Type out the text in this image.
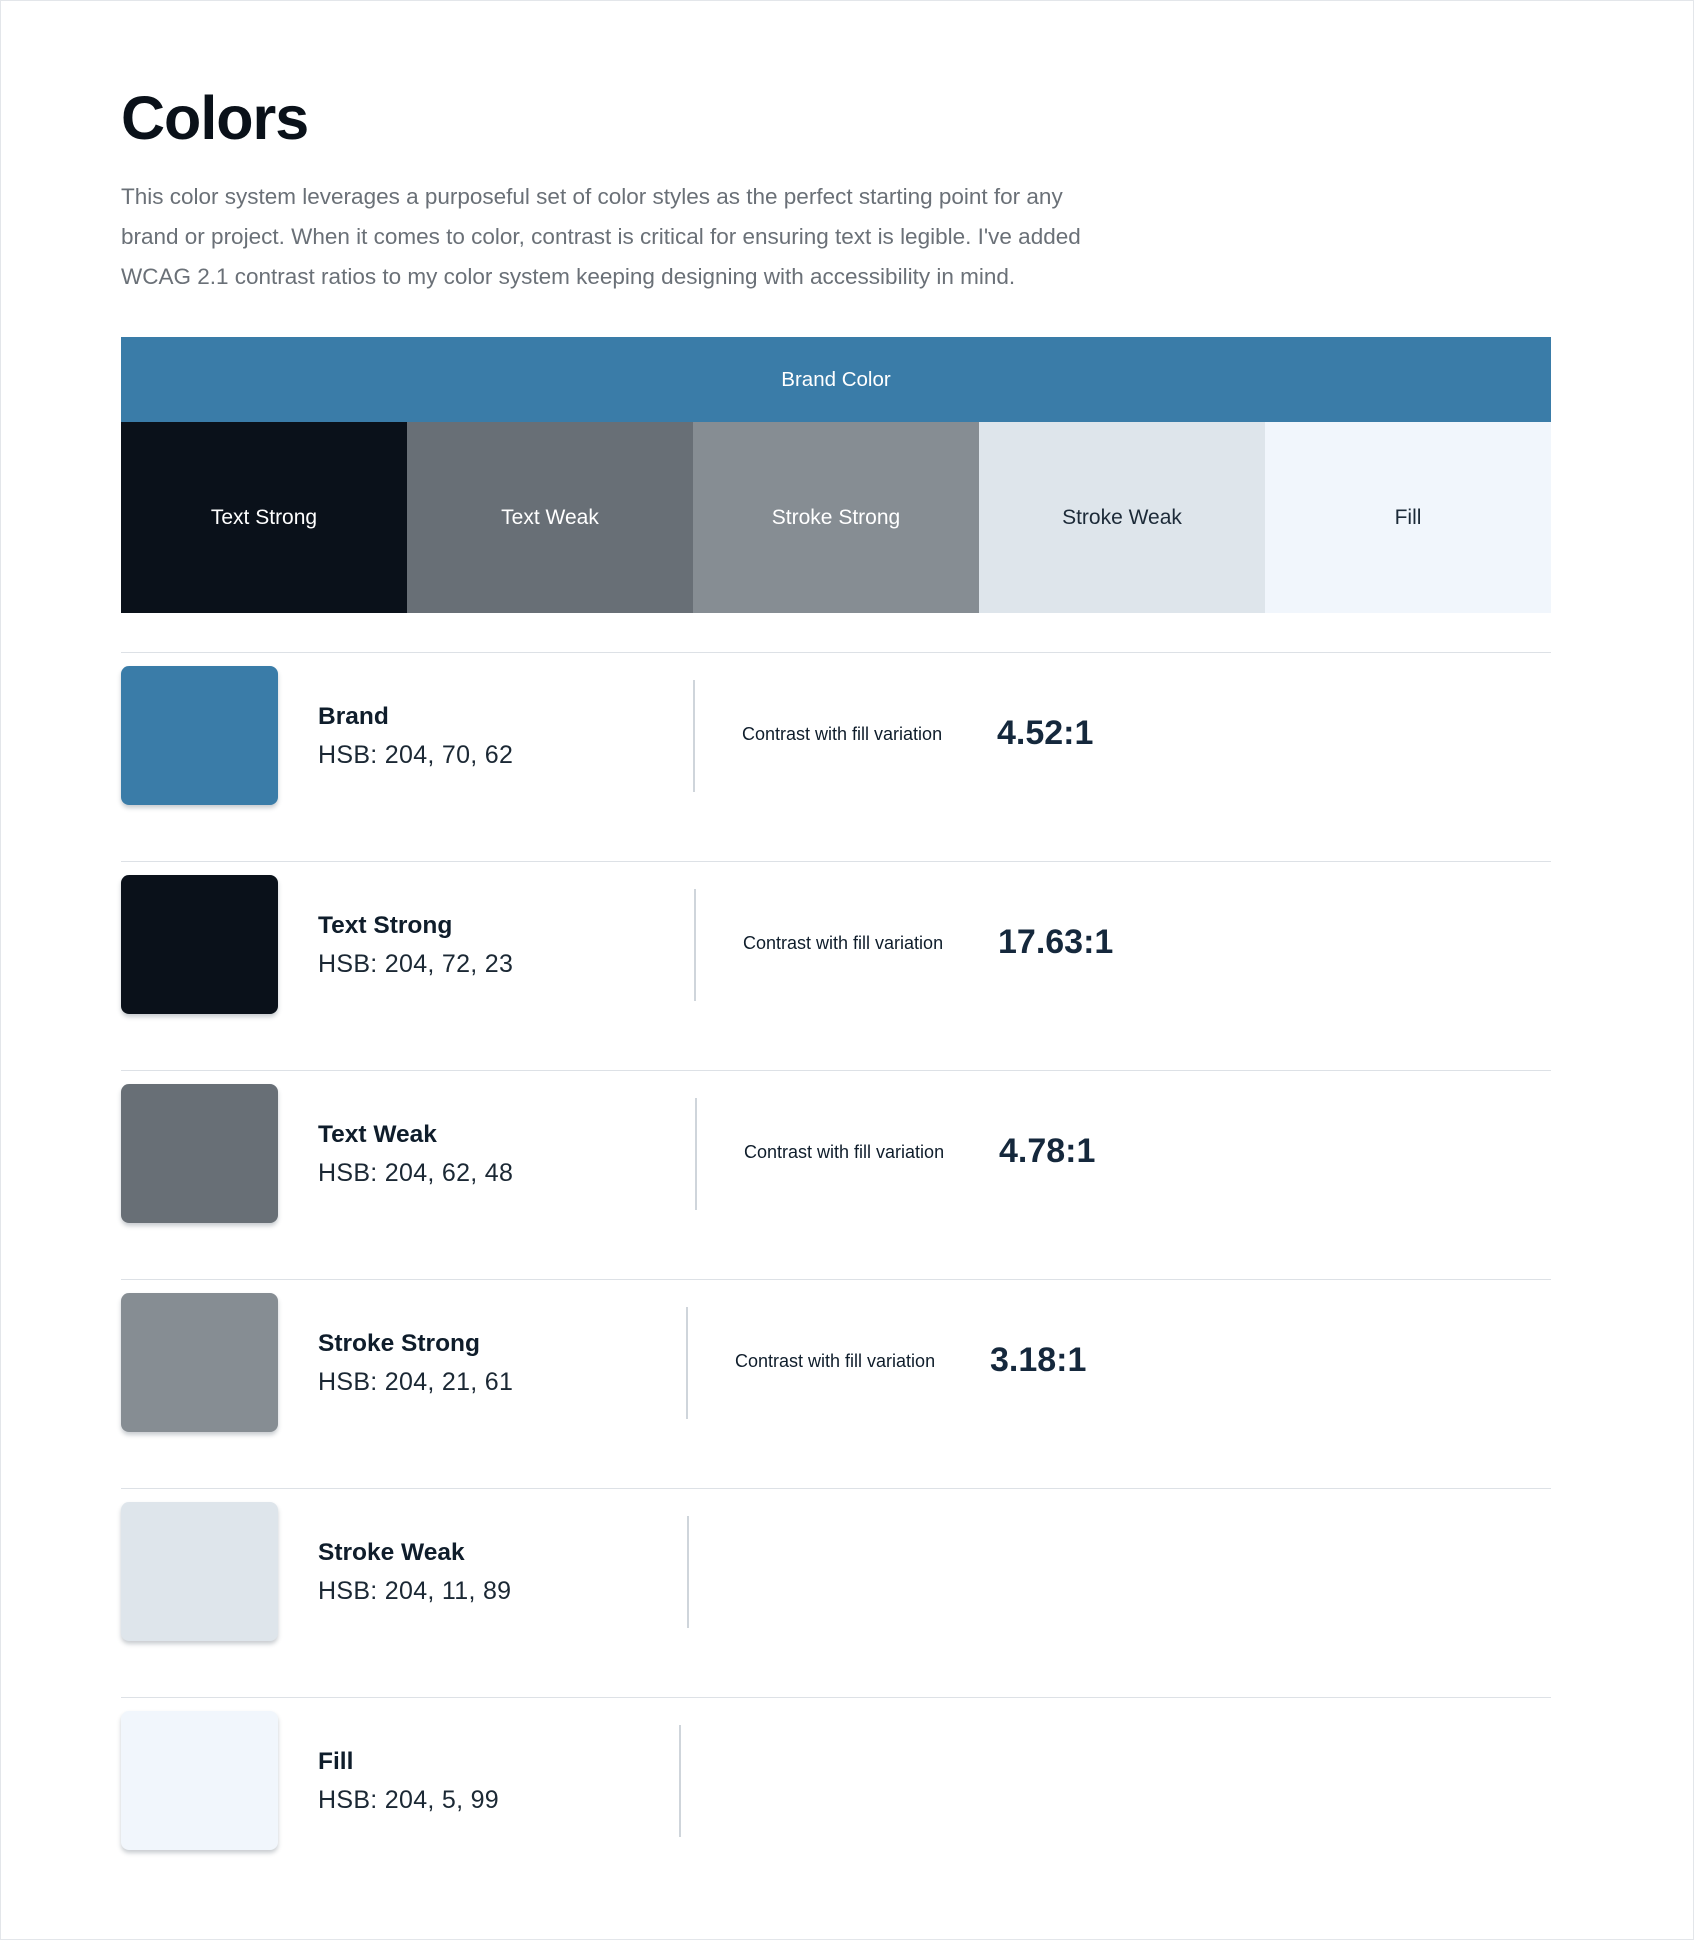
Colors

This color system leverages a purposeful set of color styles as the perfect starting point for any

brand or project. When it comes to color, contrast is critical for ensuring text is legible. I've added

WCAG 2.1 contrast ratios to my color system keeping designing with accessibility in mind.

Brand Color
Text Strong	Text Weak	Stroke Strong	Stroke Weak	Fill
Brand
HSB: 204, 70, 62
Contrast with fill variation 4.52:1
Text Strong
HSB: 204, 72, 23
Contrast with fill variation 17.63:1
Text Weak
HSB: 204, 62, 48
Contrast with fill variation 4.78:1
Stroke Strong
HSB: 204, 21, 61
Contrast with fill variation 3.18:1
Stroke Weak
HSB: 204, 11, 89
Fill
HSB: 204, 5, 99
